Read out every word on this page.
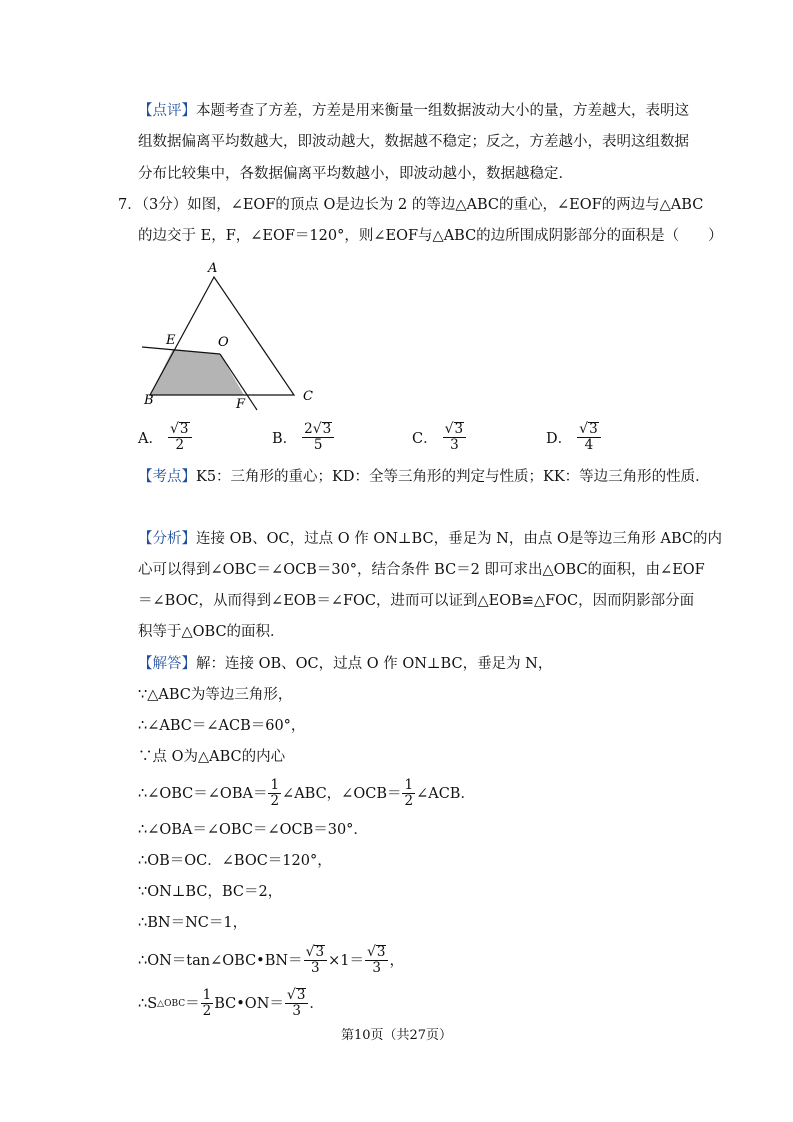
【点评】本题考查了方差，方差是用来衡量一组数据波动大小的量，方差越大，表明这
组数据偏离平均数越大，即波动越大，数据越不稳定；反之，方差越小，表明这组数据
分布比较集中，各数据偏离平均数越小，即波动越小，数据越稳定．
7．（3分）如图，∠EOF的顶点 O是边长为 2 的等边△ABC的重心，∠EOF的两边与△ABC
的边交于 E，F，∠EOF＝120°，则∠EOF与△ABC的边所围成阴影部分的面积是（　　）
A
E	O
B	F
C
A． $\frac{√ 3}{2}$	B． $\frac{2 √ 3}{5}$	C． $\frac{√ 3}{3}$	D． $\frac{√ 3}{4}$
【考点】K5：三角形的重心；KD：全等三角形的判定与性质；KK：等边三角形的性质．
【分析】连接 OB、OC，过点 O 作 ON⊥BC，垂足为 N，由点 O是等边三角形 ABC的内
心可以得到∠OBC＝∠OCB＝30°，结合条件 BC＝2 即可求出△OBC的面积，由∠EOF
＝∠BOC，从而得到∠EOB＝∠FOC，进而可以证到△EOB≌△FOC，因而阴影部分面
积等于△OBC的面积．
【解答】解：连接 OB、OC，过点 O 作 ON⊥BC，垂足为 N，
∵△ABC为等边三角形，
∴∠ABC＝∠ACB＝60°，
∵点 O为△ABC的内心
∴∠OBC＝∠OBA＝ $\frac{1}{2}$ ∠ABC，∠OCB＝ $\frac{1}{2}$ ∠ACB．
∴∠OBA＝∠OBC＝∠OCB＝30°．
∴OB＝OC．∠BOC＝120°，
∵ON⊥BC，BC＝2，
∴BN＝NC＝1，
∴ON＝tan∠OBC•BN＝ $\frac{√ 3}{3} \times 1= \frac{√ 3}{3}$ ，
∴S △OBC ＝ $\frac{1}{2}$ BC•ON＝ $\frac{√ 3}{3}$ ．
第10页（共27页）
